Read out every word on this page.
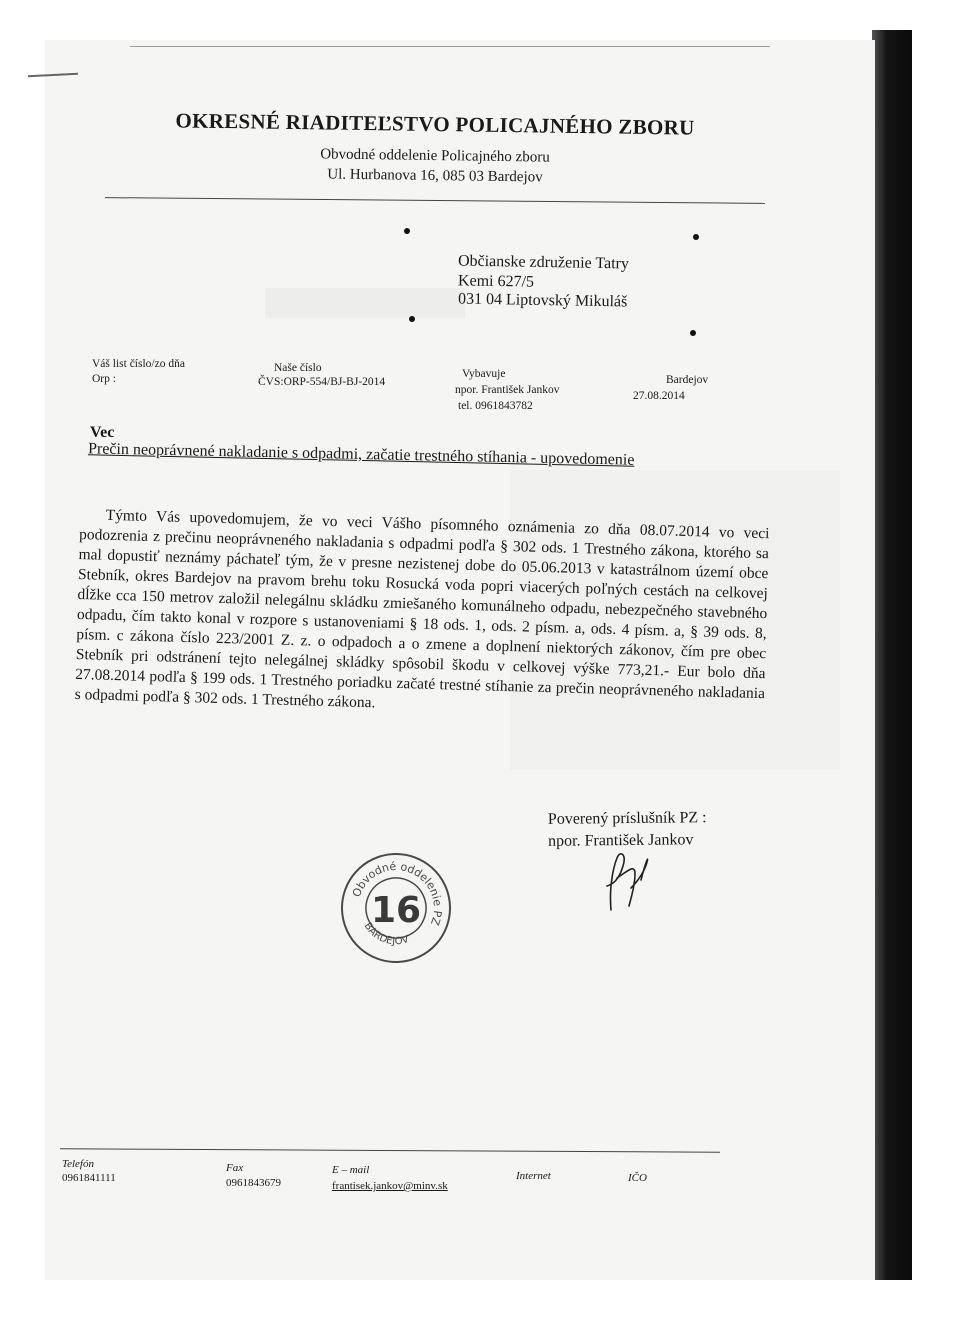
OKRESNÉ RIADITEĽSTVO POLICAJNÉHO ZBORU
Obvodné oddelenie Policajného zboru
Ul. Hurbanova 16, 085 03 Bardejov
Občianske združenie Tatry
Kemi 627/5
031 04 Liptovský Mikuláš
Váš list číslo/zo dňa
Orp :
Naše číslo
ČVS:ORP-554/BJ-BJ-2014
Vybavuje
npor. František Jankov
tel. 0961843782
Bardejov
27.08.2014
Vec
Prečin neoprávnené nakladanie s odpadmi, začatie trestného stíhania - upovedomenie

Týmto Vás upovedomujem, že vo veci Vášho písomného oznámenia zo dňa 08.07.2014 vo veci podozrenia z prečinu neoprávneného nakladania s odpadmi podľa § 302 ods. 1 Trestného zákona, ktorého sa mal dopustiť neznámy páchateľ tým, že v presne nezistenej dobe do 05.06.2013 v katastrálnom území obce Stebník, okres Bardejov na pravom brehu toku Rosucká voda popri viacerých poľných cestách na celkovej dĺžke cca 150 metrov založil nelegálnu skládku zmiešaného komunálneho odpadu, nebezpečného stavebného odpadu, čím takto konal v rozpore s ustanoveniami § 18 ods. 1, ods. 2 písm. a, ods. 4 písm. a, § 39 ods. 8, písm. c zákona číslo 223/2001 Z. z. o odpadoch a o zmene a doplnení niektorých zákonov, čím pre obec Stebník pri odstránení tejto nelegálnej skládky spôsobil škodu v celkovej výške 773,21.- Eur bolo dňa 27.08.2014 podľa § 199 ods. 1 Trestného poriadku začaté trestné stíhanie za prečin neoprávneného nakladania s odpadmi podľa § 302 ods. 1 Trestného zákona.

Poverený príslušník PZ :
npor. František Jankov
Obvodné oddelenie PZ
BARDEJOV
16
Telefón
0961841111
Fax
0961843679
E – mail
frantisek.jankov@minv.sk
Internet	IČO
